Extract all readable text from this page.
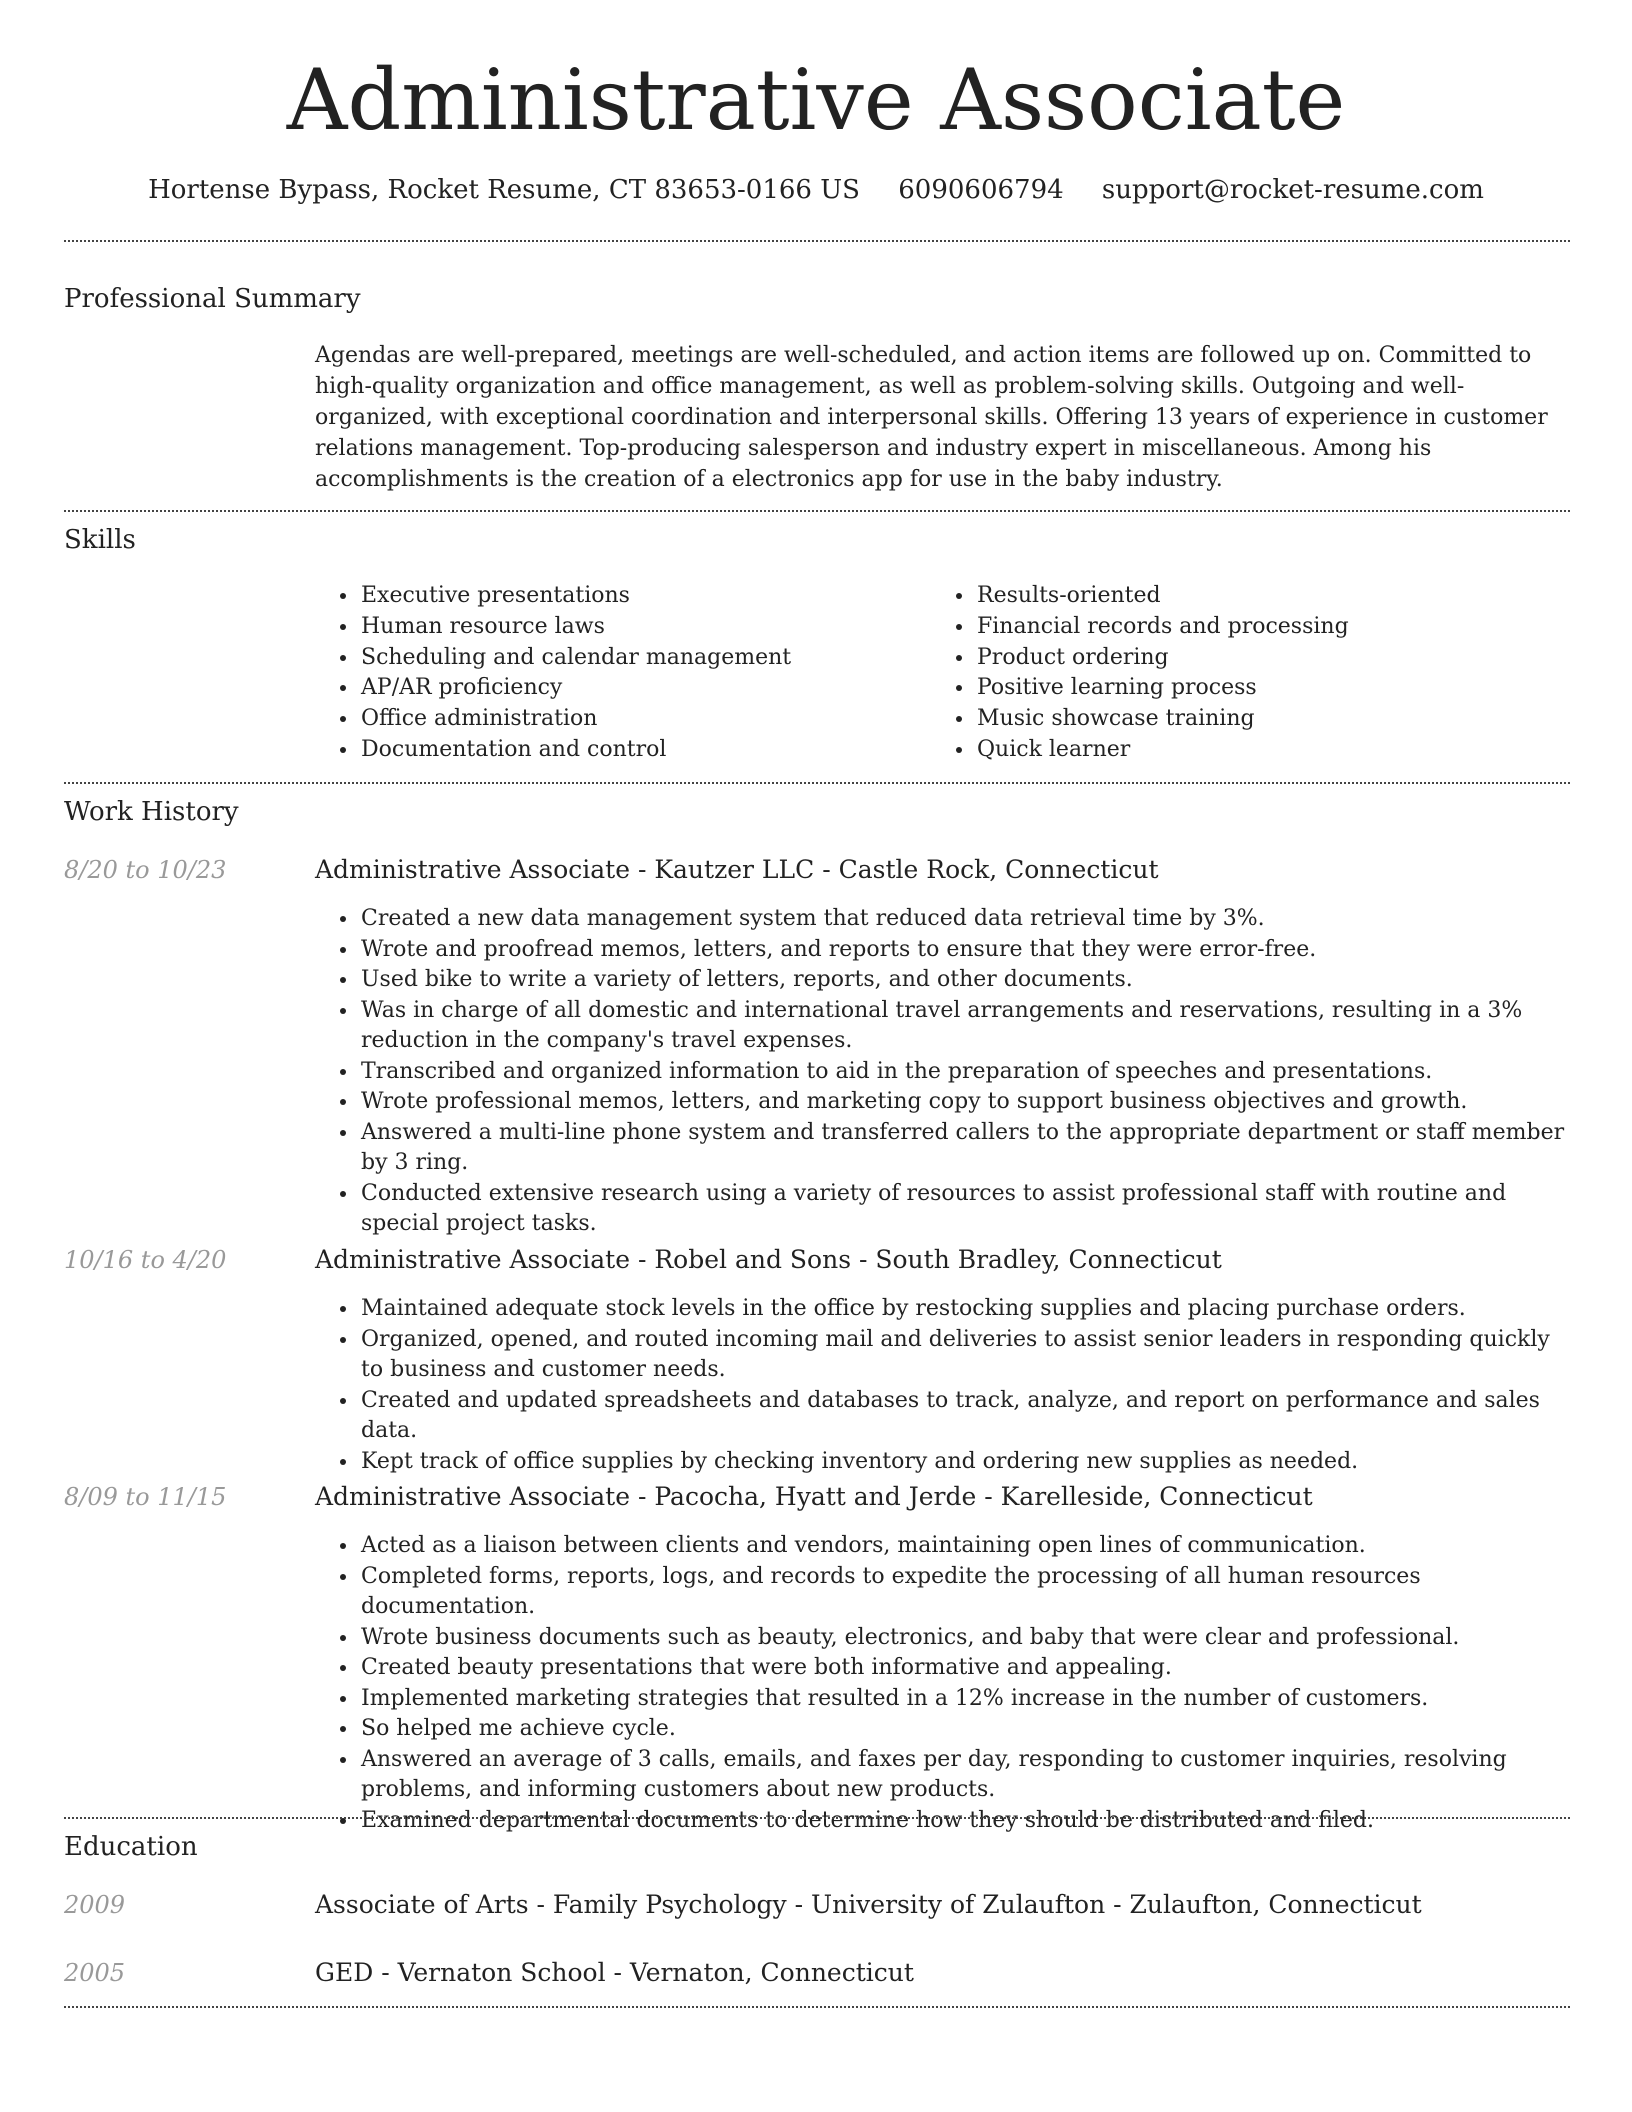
Administrative Associate
Hortense Bypass, Rocket Resume, CT 83653-0166 US 6090606794 support@rocket-resume.com
Professional Summary

Agendas are well-prepared, meetings are well-scheduled, and action items are followed up on. Committed to high-quality organization and office management, as well as problem-solving skills. Outgoing and well-organized, with exceptional coordination and interpersonal skills. Offering 13 years of experience in customer relations management. Top-producing salesperson and industry expert in miscellaneous. Among his accomplishments is the creation of a electronics app for use in the baby industry.

Skills
• Executive presentations
• Human resource laws
• Scheduling and calendar management
• AP/AR proficiency
• Office administration
• Documentation and control
• Results-oriented
• Financial records and processing
• Product ordering
• Positive learning process
• Music showcase training
• Quick learner
Work History
8/20 to 10/23	Administrative Associate - Kautzer LLC - Castle Rock, Connecticut
• Created a new data management system that reduced data retrieval time by 3%.
• Wrote and proofread memos, letters, and reports to ensure that they were error-free.
• Used bike to write a variety of letters, reports, and other documents.
• Was in charge of all domestic and international travel arrangements and reservations, resulting in a 3% reduction in the company's travel expenses.
• Transcribed and organized information to aid in the preparation of speeches and presentations.
• Wrote professional memos, letters, and marketing copy to support business objectives and growth.
• Answered a multi-line phone system and transferred callers to the appropriate department or staff member by 3 ring.
• Conducted extensive research using a variety of resources to assist professional staff with routine and special project tasks.
10/16 to 4/20	Administrative Associate - Robel and Sons - South Bradley, Connecticut
• Maintained adequate stock levels in the office by restocking supplies and placing purchase orders.
• Organized, opened, and routed incoming mail and deliveries to assist senior leaders in responding quickly to business and customer needs.
• Created and updated spreadsheets and databases to track, analyze, and report on performance and sales data.
• Kept track of office supplies by checking inventory and ordering new supplies as needed.
8/09 to 11/15	Administrative Associate - Pacocha, Hyatt and Jerde - Karelleside, Connecticut
• Acted as a liaison between clients and vendors, maintaining open lines of communication.
• Completed forms, reports, logs, and records to expedite the processing of all human resources documentation.
• Wrote business documents such as beauty, electronics, and baby that were clear and professional.
• Created beauty presentations that were both informative and appealing.
• Implemented marketing strategies that resulted in a 12% increase in the number of customers.
• So helped me achieve cycle.
• Answered an average of 3 calls, emails, and faxes per day, responding to customer inquiries, resolving problems, and informing customers about new products.
• Examined departmental documents to determine how they should be distributed and filed.
Education
2009	Associate of Arts - Family Psychology - University of Zulaufton - Zulaufton, Connecticut
2005	GED - Vernaton School - Vernaton, Connecticut
